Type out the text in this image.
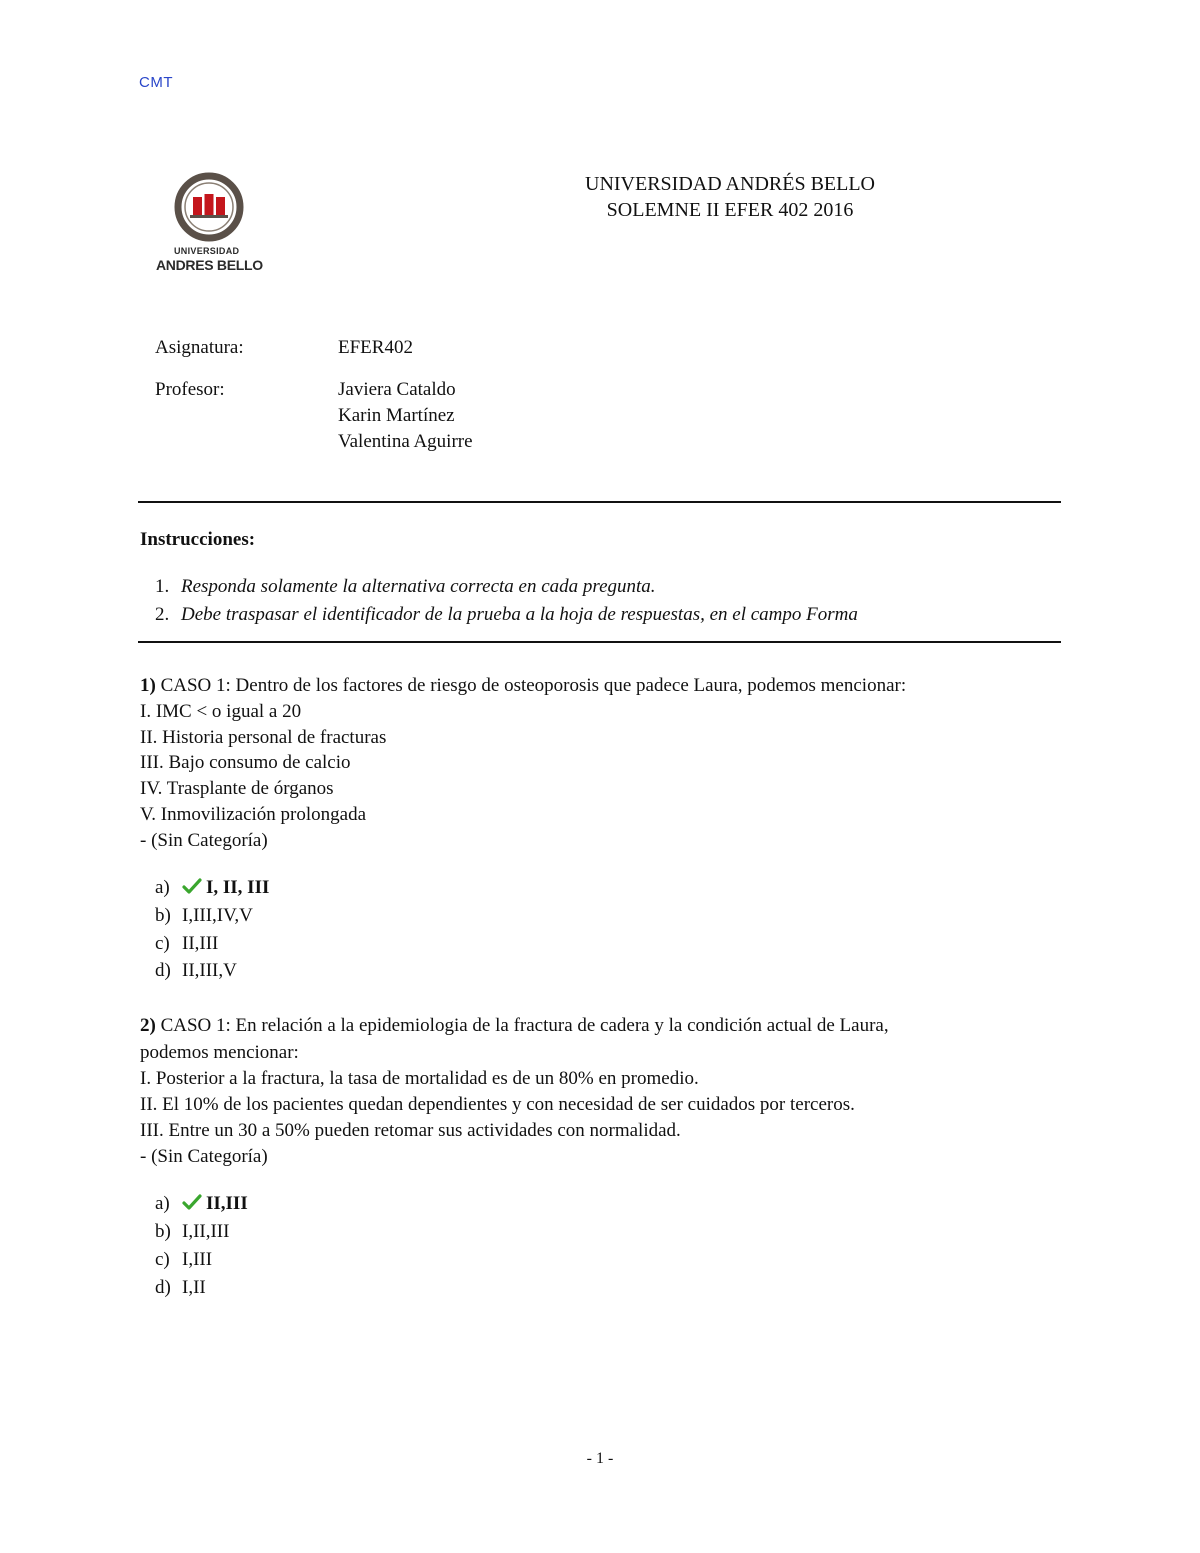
CMT
UNIVERSIDAD
ANDRES BELLO
UNIVERSIDAD ANDRÉS BELLO
SOLEMNE II EFER 402 2016
Asignatura:	EFER402
Profesor:	Javiera Cataldo
Karin Martínez
Valentina Aguirre
Instrucciones:
1. Responda solamente la alternativa correcta en cada pregunta.
2. Debe traspasar el identificador de la prueba a la hoja de respuestas, en el campo Forma
1) CASO 1: Dentro de los factores de riesgo de osteoporosis que padece Laura, podemos mencionar:
I. IMC < o igual a 20
II. Historia personal de fracturas
III. Bajo consumo de calcio
IV. Trasplante de órganos
V. Inmovilización prolongada
- (Sin Categoría)
a) I, II, III
b) I,III,IV,V
c) II,III
d) II,III,V
2) CASO 1: En relación a la epidemiologia de la fractura de cadera y la condición actual de Laura,
podemos mencionar:
I. Posterior a la fractura, la tasa de mortalidad es de un 80% en promedio.
II. El 10% de los pacientes quedan dependientes y con necesidad de ser cuidados por terceros.
III. Entre un 30 a 50% pueden retomar sus actividades con normalidad.
- (Sin Categoría)
a) II,III
b) I,II,III
c) I,III
d) I,II
- 1 -
